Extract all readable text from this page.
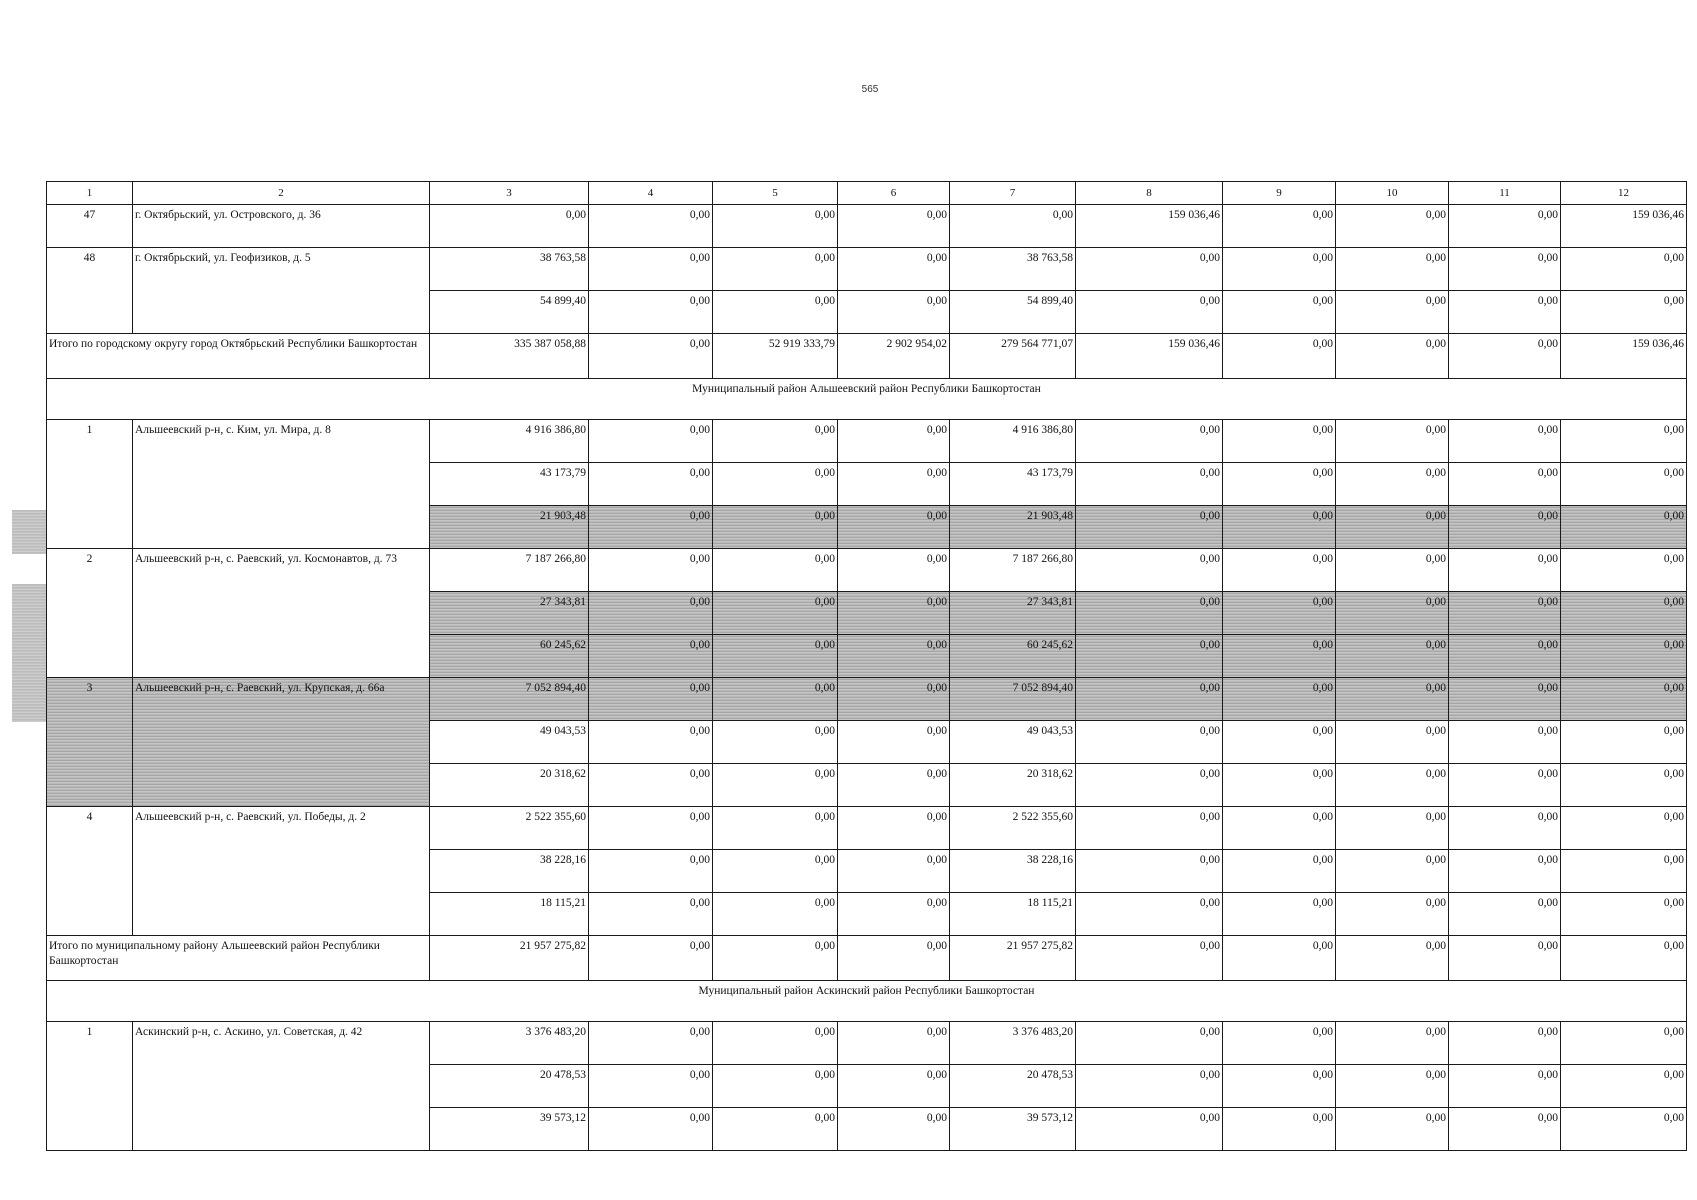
565
1	2	3	4	5	6	7	8	9	10	11	12
47	г. Октябрьский, ул. Островского, д. 36	0,00	0,00	0,00	0,00	0,00	159 036,46	0,00	0,00	0,00	159 036,46
48	г. Октябрьский, ул. Геофизиков, д. 5	38 763,58	0,00	0,00	0,00	38 763,58	0,00	0,00	0,00	0,00	0,00
		54 899,40	0,00	0,00	0,00	54 899,40	0,00	0,00	0,00	0,00	0,00
Итого по городскому округу город Октябрьский Республики Башкортостан		335 387 058,88	0,00	52 919 333,79	2 902 954,02	279 564 771,07	159 036,46	0,00	0,00	0,00	159 036,46
Муниципальный район Альшеевский район Республики Башкортостан											
1	Альшеевский р-н, с. Ким, ул. Мира, д. 8	4 916 386,80	0,00	0,00	0,00	4 916 386,80	0,00	0,00	0,00	0,00	0,00
		43 173,79	0,00	0,00	0,00	43 173,79	0,00	0,00	0,00	0,00	0,00
		21 903,48	0,00	0,00	0,00	21 903,48	0,00	0,00	0,00	0,00	0,00
2	Альшеевский р-н, с. Раевский, ул. Космонавтов, д. 73	7 187 266,80	0,00	0,00	0,00	7 187 266,80	0,00	0,00	0,00	0,00	0,00
		27 343,81	0,00	0,00	0,00	27 343,81	0,00	0,00	0,00	0,00	0,00
		60 245,62	0,00	0,00	0,00	60 245,62	0,00	0,00	0,00	0,00	0,00
3	Альшеевский р-н, с. Раевский, ул. Крупская, д. 66а	7 052 894,40	0,00	0,00	0,00	7 052 894,40	0,00	0,00	0,00	0,00	0,00
		49 043,53	0,00	0,00	0,00	49 043,53	0,00	0,00	0,00	0,00	0,00
		20 318,62	0,00	0,00	0,00	20 318,62	0,00	0,00	0,00	0,00	0,00
4	Альшеевский р-н, с. Раевский, ул. Победы, д. 2	2 522 355,60	0,00	0,00	0,00	2 522 355,60	0,00	0,00	0,00	0,00	0,00
		38 228,16	0,00	0,00	0,00	38 228,16	0,00	0,00	0,00	0,00	0,00
		18 115,21	0,00	0,00	0,00	18 115,21	0,00	0,00	0,00	0,00	0,00
Итого по муниципальному району Альшеевский район Республики Башкортостан		21 957 275,82	0,00	0,00	0,00	21 957 275,82	0,00	0,00	0,00	0,00	0,00
Муниципальный район Аскинский район Республики Башкортостан											
1	Аскинский р-н, с. Аскино, ул. Советская, д. 42	3 376 483,20	0,00	0,00	0,00	3 376 483,20	0,00	0,00	0,00	0,00	0,00
		20 478,53	0,00	0,00	0,00	20 478,53	0,00	0,00	0,00	0,00	0,00
		39 573,12	0,00	0,00	0,00	39 573,12	0,00	0,00	0,00	0,00	0,00
